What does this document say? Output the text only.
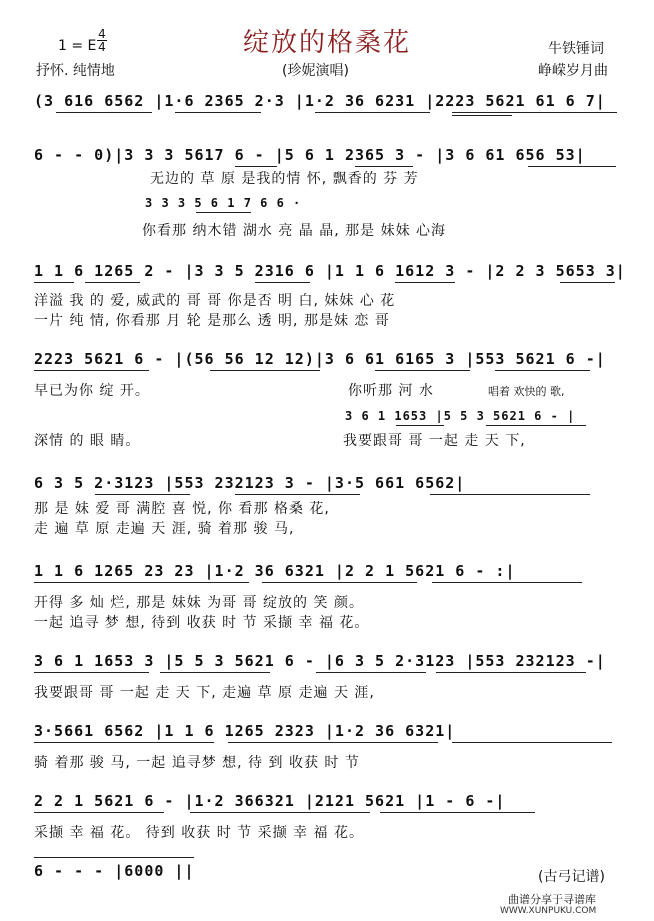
1 = E
4
4	绽放的格桑花	牛铁锤词
抒怀. 纯情地	(珍妮演唱)	峥嵘岁月曲
(3 616 6562 |1·6 2365 2·3 |1·2 36 6231 |2223 5621 61 6 7|
6 - - 0)|3 3 3 5617 6 - |5 6 1 2365 3 - |3 6 61 656 53|
无边的 草 原 是我的情 怀, 飘香的 芬 芳
3 3 3 5 6 1 7 6 6 ·
你看那 纳木错 湖水 亮 晶 晶, 那是 妹妹 心海
1 1 6 1265 2 - |3 3 5 2316 6 |1 1 6 1612 3 - |2 2 3 5653 3|
洋溢 我 的 爱, 威武的 哥 哥 你是否 明 白, 妹妹 心 花
一片 纯 情, 你看那 月 轮 是那么 透 明, 那是妹 恋 哥
2223 5621 6 - |(56 56 12 12)|3 6 61 6165 3 |553 5621 6 -|
早已为你 绽 开。	你听那 河 水	唱着 欢快的 歌,
3 6 1 1653 |5 5 3 5621 6 - |
深情 的 眼 睛。	我要跟哥 哥 一起 走 天 下,
6 3 5 2·3123 |553 232123 3 - |3·5 661 6562|
那 是 妹 爱 哥 满腔 喜 悦, 你 看那 格桑 花,
走 遍 草 原 走遍 天 涯, 骑 着那 骏 马,
1 1 6 1265 23 23 |1·2 36 6321 |2 2 1 5621 6 - :|
开得 多 灿 烂, 那是 妹妹 为哥 哥 绽放的 笑 颜。
一起 追寻 梦 想, 待到 收获 时 节 采撷 幸 福 花。
3 6 1 1653 3 |5 5 3 5621 6 - |6 3 5 2·3123 |553 232123 -|
我要跟哥 哥 一起 走 天 下, 走遍 草 原 走遍 天 涯,
3·5661 6562 |1 1 6 1265 2323 |1·2 36 6321|
骑 着那 骏 马, 一起 追寻梦 想, 待 到 收获 时 节
2 2 1 5621 6 - |1·2 366321 |2121 5621 |1 - 6 -|
采撷 幸 福 花。 待到 收获 时 节 采撷 幸 福 花。
6 - - - |6000 ||	(古弓记谱)
曲谱分享于寻谱库
WWW.XUNPUKU.COM
